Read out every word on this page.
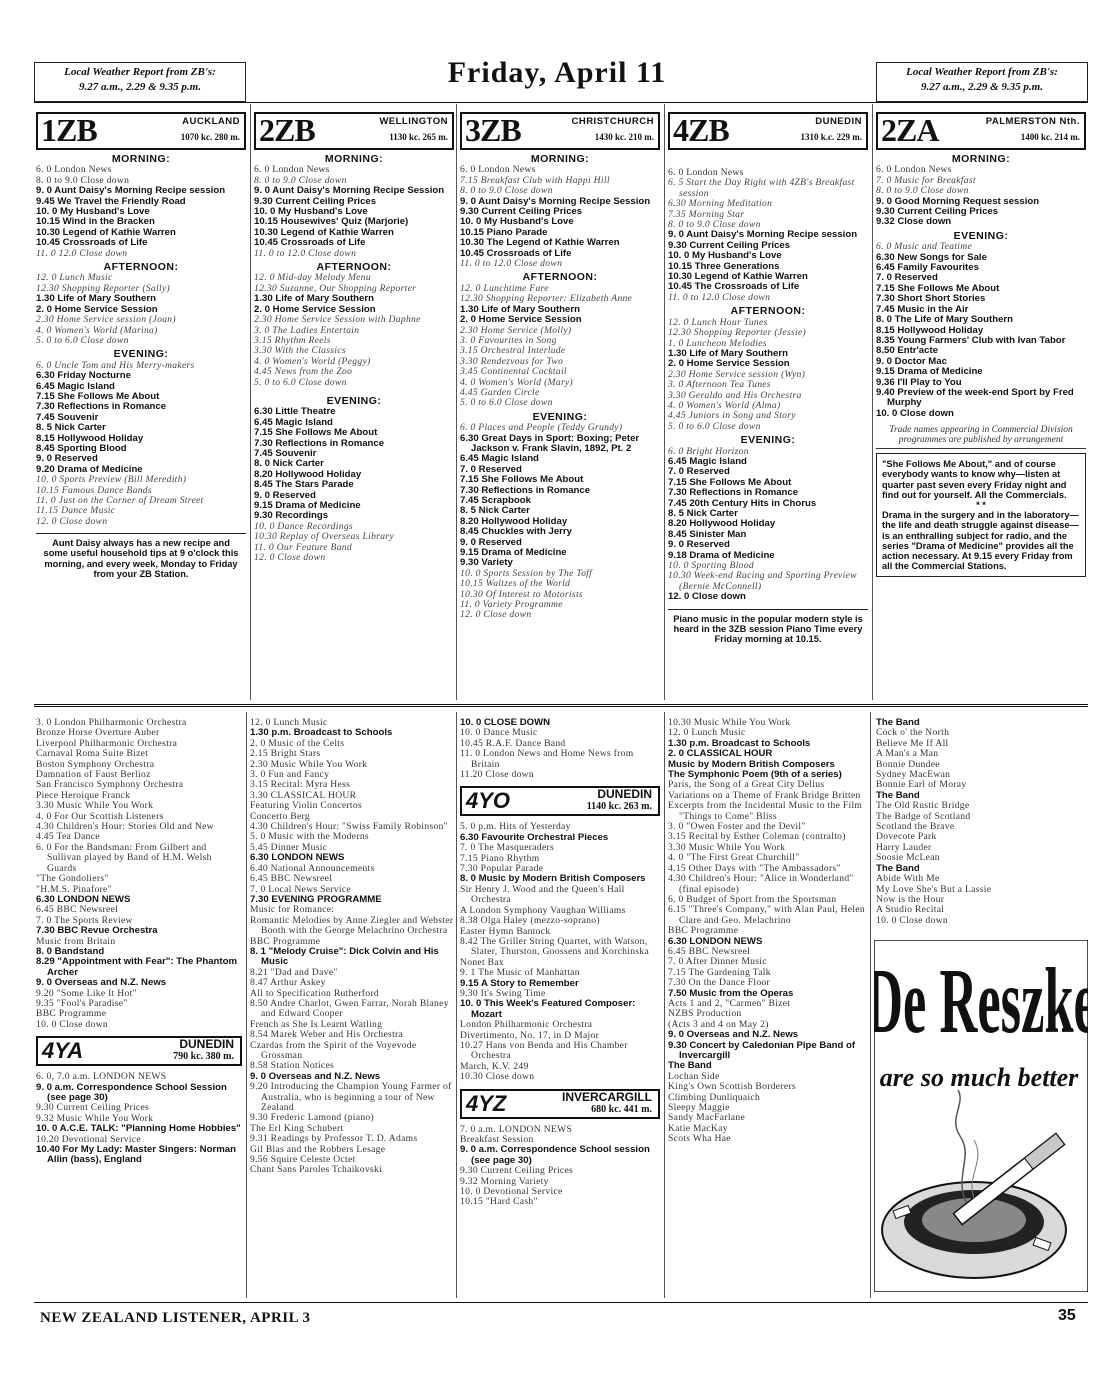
Local Weather Report from ZB's:
9.27 a.m., 2.29 & 9.35 p.m.	Friday, April 11	Local Weather Report from ZB's:
9.27 a.m., 2.29 & 9.35 p.m.
1ZB	AUCKLAND
1070 kc. 280 m.
MORNING:

6. 0 London News

8. 0 to 9.0 Close down

9. 0 Aunt Daisy's Morning Recipe session

9.45 We Travel the Friendly Road

10. 0 My Husband's Love

10.15 Wind in the Bracken

10.30 Legend of Kathie Warren

10.45 Crossroads of Life

11. 0 12.0 Close down

AFTERNOON:

12. 0 Lunch Music

12.30 Shopping Reporter (Sally)

1.30 Life of Mary Southern

2. 0 Home Service Session

2.30 Home Service session (Joan)

4. 0 Women's World (Marina)

5. 0 to 6.0 Close down

EVENING:

6. 0 Uncle Tom and His Merry-makers

6.30 Friday Nocturne

6.45 Magic Island

7.15 She Follows Me About

7.30 Reflections in Romance

7.45 Souvenir

8. 5 Nick Carter

8.15 Hollywood Holiday

8.45 Sporting Blood

9. 0 Reserved

9.20 Drama of Medicine

10. 0 Sports Preview (Bill Meredith)

10.15 Famous Dance Bands

11. 0 Just on the Corner of Dream Street

11.15 Dance Music

12. 0 Close down

Aunt Daisy always has a new recipe and some useful household tips at 9 o'clock this morning, and every week, Monday to Friday from your ZB Station.
2ZB	WELLINGTON
1130 kc. 265 m.
MORNING:

6. 0 London News

8. 0 to 9.0 Close down

9. 0 Aunt Daisy's Morning Recipe Session

9.30 Current Ceiling Prices

10. 0 My Husband's Love

10.15 Housewives' Quiz (Marjorie)

10.30 Legend of Kathie Warren

10.45 Crossroads of Life

11. 0 to 12.0 Close down

AFTERNOON:

12. 0 Mid-day Melody Menu

12.30 Suzanne, Our Shopping Reporter

1.30 Life of Mary Southern

2. 0 Home Service Session

2.30 Home Service Session with Daphne

3. 0 The Ladies Entertain

3.15 Rhythm Reels

3.30 With the Classics

4. 0 Women's World (Peggy)

4.45 News from the Zoo

5. 0 to 6.0 Close down

EVENING:

6.30 Little Theatre

6.45 Magic Island

7.15 She Follows Me About

7.30 Reflections in Romance

7.45 Souvenir

8. 0 Nick Carter

8.20 Hollywood Holiday

8.45 The Stars Parade

9. 0 Reserved

9.15 Drama of Medicine

9.30 Recordings

10. 0 Dance Recordings

10.30 Replay of Overseas Library

11. 0 Our Feature Band

12. 0 Close down

3ZB	CHRISTCHURCH
1430 kc. 210 m.
MORNING:

6. 0 London News

7.15 Breakfast Club with Happi Hill

8. 0 to 9.0 Close down

9. 0 Aunt Daisy's Morning Recipe Session

9.30 Current Ceiling Prices

10. 0 My Husband's Love

10.15 Piano Parade

10.30 The Legend of Kathie Warren

10.45 Crossroads of Life

11. 0 to 12.0 Close down

AFTERNOON:

12. 0 Lunchtime Fare

12.30 Shopping Reporter: Elizabeth Anne

1.30 Life of Mary Southern

2. 0 Home Service Session

2.30 Home Service (Molly)

3. 0 Favourites in Song

3.15 Orchestral Interlude

3.30 Rendezvous for Two

3.45 Continental Cocktail

4. 0 Women's World (Mary)

4.45 Garden Circle

5. 0 to 6.0 Close down

EVENING:

6. 0 Places and People (Teddy Grundy)

6.30 Great Days in Sport: Boxing; Peter Jackson v. Frank Slavin, 1892, Pt. 2

6.45 Magic Island

7. 0 Reserved

7.15 She Follows Me About

7.30 Reflections in Romance

7.45 Scrapbook

8. 5 Nick Carter

8.20 Hollywood Holiday

8.45 Chuckles with Jerry

9. 0 Reserved

9.15 Drama of Medicine

9.30 Variety

10. 0 Sports Session by The Toff

10.15 Waltzes of the World

10.30 Of Interest to Motorists

11. 0 Variety Programme

12. 0 Close down

4ZB	DUNEDIN
1310 k.c. 229 m.

6. 0 London News

6. 5 Start the Day Right with 4ZB's Breakfast session

6.30 Morning Meditation

7.35 Morning Star

8. 0 to 9.0 Close down

9. 0 Aunt Daisy's Morning Recipe session

9.30 Current Ceiling Prices

10. 0 My Husband's Love

10.15 Three Generations

10.30 Legend of Kathie Warren

10.45 The Crossroads of Life

11. 0 to 12.0 Close down

AFTERNOON:

12. 0 Lunch Hour Tunes

12.30 Shopping Reporter (Jessie)

1. 0 Luncheon Melodies

1.30 Life of Mary Southern

2. 0 Home Service Session

2.30 Home Service session (Wyn)

3. 0 Afternoon Tea Tunes

3.30 Geraldo and His Orchestra

4. 0 Women's World (Alma)

4.45 Juniors in Song and Story

5. 0 to 6.0 Close down

EVENING:

6. 0 Bright Horizon

6.45 Magic Island

7. 0 Reserved

7.15 She Follows Me About

7.30 Reflections in Romance

7.45 20th Century Hits in Chorus

8. 5 Nick Carter

8.20 Hollywood Holiday

8.45 Sinister Man

9. 0 Reserved

9.18 Drama of Medicine

10. 0 Sporting Blood

10.30 Week-end Racing and Sporting Preview (Bernie McConnell)

12. 0 Close down

Piano music in the popular modern style is heard in the 3ZB session Piano Time every Friday morning at 10.15.
2ZA	PALMERSTON Nth.
1400 kc. 214 m.
MORNING:

6. 0 London News

7. 0 Music for Breakfast

8. 0 to 9.0 Close down

9. 0 Good Morning Request session

9.30 Current Ceiling Prices

9.32 Close down

EVENING:

6. 0 Music and Teatime

6.30 New Songs for Sale

6.45 Family Favourites

7. 0 Reserved

7.15 She Follows Me About

7.30 Short Short Stories

7.45 Music in the Air

8. 0 The Life of Mary Southern

8.15 Hollywood Holiday

8.35 Young Farmers' Club with Ivan Tabor

8.50 Entr'acte

9. 0 Doctor Mac

9.15 Drama of Medicine

9.36 I'll Play to You

9.40 Preview of the week-end Sport by Fred Murphy

10. 0 Close down

Trade names appearing in Commercial Division programmes are published by arrangement
"She Follows Me About," and of course everybody wants to know why—listen at quarter past seven every Friday night and find out for yourself. All the Commercials.
* *
Drama in the surgery and in the laboratory—the life and death struggle against disease—is an enthralling subject for radio, and the series "Drama of Medicine" provides all the action necessary. At 9.15 every Friday from all the Commercial Stations.

3. 0 London Philharmonic Orchestra

Bronze Horse Overture Auber

Liverpool Philharmonic Orchestra

Carnaval Roma Suite Bizet

Boston Symphony Orchestra

Damnation of Faust Berlioz

San Francisco Symphony Orchestra

Piece Heroique Franck

3.30 Music While You Work

4. 0 For Our Scottish Listeners

4.30 Children's Hour: Stories Old and New

4.45 Tea Dance

6. 0 For the Bandsman: From Gilbert and Sullivan played by Band of H.M. Welsh Guards

"The Gondoliers"

"H.M.S. Pinafore"

6.30 LONDON NEWS

6.45 BBC Newsreel

7. 0 The Sports Review

7.30 BBC Revue Orchestra

Music from Britain

8. 0 Bandstand

8.29 "Appointment with Fear": The Phantom Archer

9. 0 Overseas and N.Z. News

9.20 "Some Like It Hot"

9.35 "Fool's Paradise"

BBC Programme

10. 0 Close down

4YA	DUNEDIN
790 kc. 380 m.

6. 0, 7.0 a.m. LONDON NEWS

9. 0 a.m. Correspondence School Session (see page 30)

9.30 Current Ceiling Prices

9.32 Music While You Work

10. 0 A.C.E. TALK: "Planning Home Hobbies"

10.20 Devotional Service

10.40 For My Lady: Master Singers: Norman Allin (bass), England

12. 0 Lunch Music

1.30 p.m. Broadcast to Schools

2. 0 Music of the Celts

2.15 Bright Stars

2.30 Music While You Work

3. 0 Fun and Fancy

3.15 Recital: Myra Hess

3.30 CLASSICAL HOUR

Featuring Violin Concertos

Concerto Berg

4.30 Children's Hour: "Swiss Family Robinson"

5. 0 Music with the Moderns

5.45 Dinner Music

6.30 LONDON NEWS

6.40 National Announcements

6.45 BBC Newsreel

7. 0 Local News Service

7.30 EVENING PROGRAMME

Music for Romance:

Romantic Melodies by Anne Ziegler and Webster Booth with the George Melachrino Orchestra

BBC Programme

8. 1 "Melody Cruise": Dick Colvin and His Music

8.21 "Dad and Dave"

8.47 Arthur Askey

All to Specification Rutherford

8.50 Andre Charlot, Gwen Farrar, Norah Blaney and Edward Cooper

French as She Is Learnt Watling

8.54 Marek Weber and His Orchestra

Czardas from the Spirit of the Voyevode Grossman

8.58 Station Notices

9. 0 Overseas and N.Z. News

9.20 Introducing the Champion Young Farmer of Australia, who is beginning a tour of New Zealand

9.30 Frederic Lamond (piano)

The Erl King Schubert

9.31 Readings by Professor T. D. Adams

Gil Blas and the Robbers Lesage

9.56 Squire Celeste Octet

Chant Sans Paroles Tchaikovski

10. 0 CLOSE DOWN

10. 0 Dance Music

10.45 R.A.F. Dance Band

11. 0 London News and Home News from Britain

11.20 Close down

4YO	DUNEDIN
1140 kc. 263 m.

5. 0 p.m. Hits of Yesterday

6.30 Favourite Orchestral Pieces

7. 0 The Masqueraders

7.15 Piano Rhythm

7.30 Popular Parade

8. 0 Music by Modern British Composers

Sir Henry J. Wood and the Queen's Hall Orchestra

A London Symphony Vaughan Williams

8.38 Olga Haley (mezzo-soprano)

Easter Hymn Bantock

8.42 The Griller String Quartet, with Watson, Slater, Thurston, Goossens and Korchinska

Nonet Bax

9. 1 The Music of Manhattan

9.15 A Story to Remember

9.30 It's Swing Time

10. 0 This Week's Featured Composer: Mozart

London Philharmonic Orchestra

Divertimento, No. 17, in D Major

10.27 Hans von Benda and His Chamber Orchestra

March, K.V. 249

10.30 Close down

4YZ	INVERCARGILL
680 kc. 441 m.

7. 0 a.m. LONDON NEWS

Breakfast Session

9. 0 a.m. Correspondence School session (see page 30)

9.30 Current Ceiling Prices

9.32 Morning Variety

10. 0 Devotional Service

10.15 "Hard Cash"

10.30 Music While You Work

12. 0 Lunch Music

1.30 p.m. Broadcast to Schools

2. 0 CLASSICAL HOUR

Music by Modern British Composers

The Symphonic Poem (9th of a series)

Paris, the Song of a Great City Delius

Variations on a Theme of Frank Bridge Britten

Excerpts from the Incidental Music to the Film "Things to Come" Bliss

3. 0 "Owen Foster and the Devil"

3.15 Recital by Esther Coleman (contralto)

3.30 Music While You Work

4. 0 "The First Great Churchill"

4.15 Other Days with "The Ambassadors"

4.30 Children's Hour: "Alice in Wonderland" (final episode)

6. 0 Budget of Sport from the Sportsman

6.15 "Three's Company," with Alan Paul, Helen Clare and Geo. Melachrino

BBC Programme

6.30 LONDON NEWS

6.45 BBC Newsreel

7. 0 After Dinner Music

7.15 The Gardening Talk

7.30 On the Dance Floor

7.50 Music from the Operas

Acts 1 and 2, "Carmen" Bizet

NZBS Production

(Acts 3 and 4 on May 2)

9. 0 Overseas and N.Z. News

9.30 Concert by Caledonian Pipe Band of Invercargill

The Band

Lochan Side

King's Own Scottish Borderers

Climbing Dunliquaich

Sleepy Maggie

Sandy MacFarlane

Katie MacKay

Scots Wha Hae

The Band

Cock o' the North

Believe Me If All

A Man's a Man

Bonnie Dundee

Sydney MacEwan

Bonnie Earl of Moray

The Band

The Old Rustic Bridge

The Badge of Scotland

Scotland the Brave

Dovecote Park

Harry Lauder

Soosie McLean

The Band

Abide With Me

My Love She's But a Lassie

Now is the Hour

A Studio Recital

10. 0 Close down

De Reszke
are so much better
NEW ZEALAND LISTENER, APRIL 3	35
